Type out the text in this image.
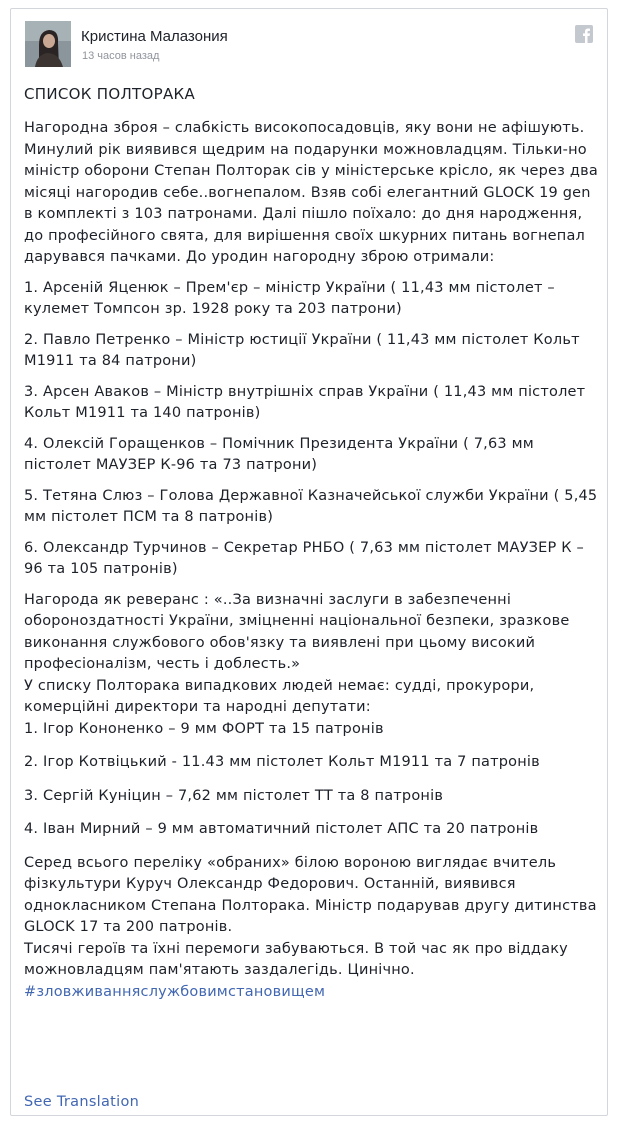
Кристина Малазония
13 часов назад
СПИСОК ПОЛТОРАКА

Нагородна зброя – слабкість високопосадовців, яку вони не афішують. Минулий рік виявився щедрим на подарунки можновладцям. Тільки-но міністр оборони Степан Полторак сів у міністерське крісло, як через два місяці нагородив себе..вогнепалом. Взяв собі елегантний GLOCK 19 gen в комплекті з 103 патронами. Далі пішло поїхало: до дня народження, до професійного свята, для вирішення своїх шкурних питань вогнепал дарувався пачками. До уродин нагородну зброю отримали:

1. Арсеній Яценюк – Прем'єр – міністр України ( 11,43 мм пістолет – кулемет Томпсон зр. 1928 року та 203 патрони)

2. Павло Петренко – Міністр юстиції України ( 11,43 мм пістолет Кольт М1911 та 84 патрони)

3. Арсен Аваков – Міністр внутрішніх справ України ( 11,43 мм пістолет Кольт М1911 та 140 патронів)

4. Олексій Горащенков – Помічник Президента України ( 7,63 мм пістолет МАУЗЕР К-96 та 73 патрони)

5. Тетяна Слюз – Голова Державної Казначейської служби України ( 5,45 мм пістолет ПСМ та 8 патронів)

6. Олександр Турчинов – Секретар РНБО ( 7,63 мм пістолет МАУЗЕР К – 96 та 105 патронів)

Нагорода як реверанс : «..За визначні заслуги в забезпеченні обороноздатності України, зміцненні національної безпеки, зразкове виконання службового обов'язку та виявлені при цьому високий професіоналізм, честь і доблесть.»

У списку Полторака випадкових людей немає: судді, прокурори, комерційні директори та народні депутати:

1. Ігор Кононенко – 9 мм ФОРТ та 15 патронів

2. Ігор Котвіцький - 11.43 мм пістолет Кольт М1911 та 7 патронів

3. Сергій Куніцин – 7,62 мм пістолет ТТ та 8 патронів

4. Іван Мирний – 9 мм автоматичний пістолет АПС та 20 патронів

Серед всього переліку «обраних» білою вороною виглядає вчитель фізкультури Куруч Олександр Федорович. Останній, виявився однокласником Степана Полторака. Міністр подарував другу дитинства GLOCK 17 та 200 патронів.

Тисячі героїв та їхні перемоги забуваються. В той час як про віддаку можновладцям пам'ятають заздалегідь. Цинічно.

#зловживанняслужбовимстановищем

See Translation
